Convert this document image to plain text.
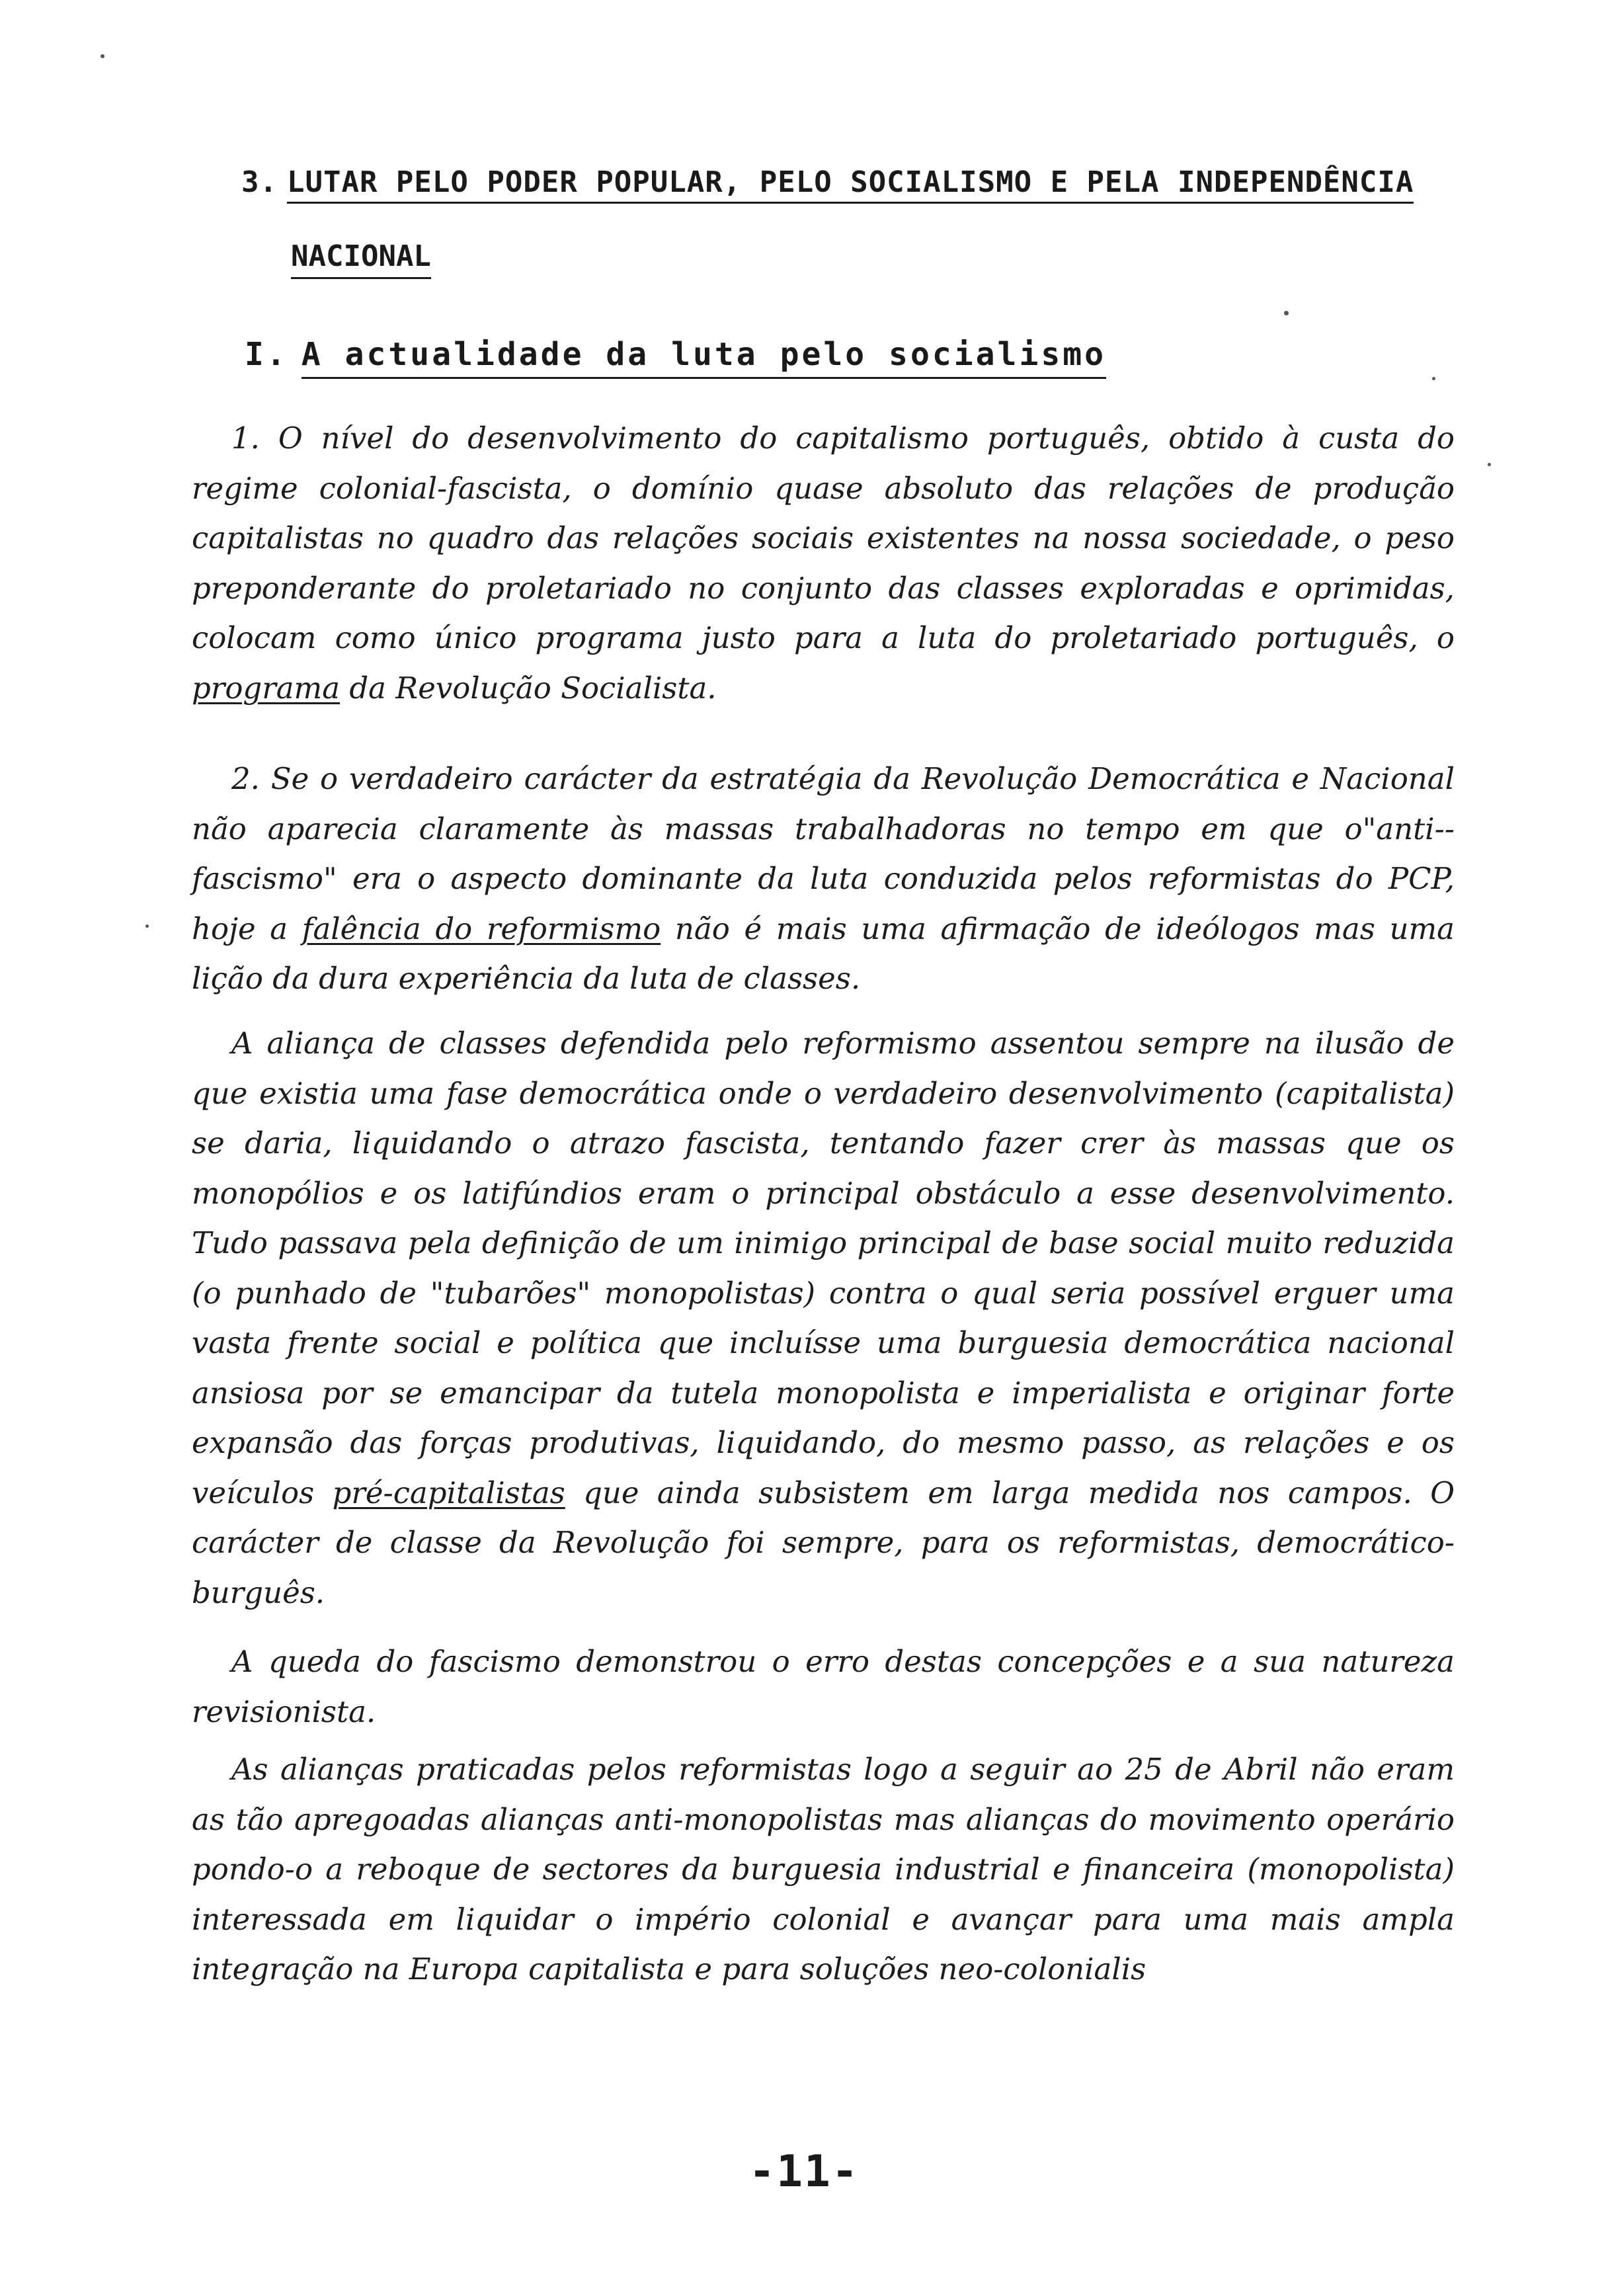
3. LUTAR PELO PODER POPULAR, PELO SOCIALISMO E PELA INDEPENDÊNCIA
NACIONAL
I. A actualidade da luta pelo socialismo

1. O nível do desenvolvimento do capitalismo português, obtido à custa do regime colonial-fascista, o domínio quase absoluto das relações de produção capitalistas no quadro das relações sociais existentes na nossa sociedade, o peso preponderante do proletariado no conjunto das classes exploradas e oprimidas, colocam como único programa justo para a luta do proletariado português, o programa da Revolução Socialista.

2. Se o verdadeiro carácter da estratégia da Revolução Democrática e Nacional não aparecia claramente às massas trabalhadoras no tempo em que o"anti--fascismo" era o aspecto dominante da luta conduzida pelos reformistas do PCP, hoje a falência do reformismo não é mais uma afirmação de ideólogos mas uma lição da dura experiência da luta de classes.

A aliança de classes defendida pelo reformismo assentou sempre na ilusão de que existia uma fase democrática onde o verdadeiro desenvolvimento (capitalista) se daria, liquidando o atrazo fascista, tentando fazer crer às massas que os monopólios e os latifúndios eram o principal obstáculo a esse desenvolvimento. Tudo passava pela definição de um inimigo principal de base social muito reduzida (o punhado de "tubarões" monopolistas) contra o qual seria possível erguer uma vasta frente social e política que incluísse uma burguesia democrática nacional ansiosa por se emancipar da tutela monopolista e imperialista e originar forte expansão das forças produtivas, liquidando, do mesmo passo, as relações e os veículos pré-capitalistas que ainda subsistem em larga medida nos campos. O carácter de classe da Revolução foi sempre, para os reformistas, democrático-burguês.

A queda do fascismo demonstrou o erro destas concepções e a sua natureza revisionista.

As alianças praticadas pelos reformistas logo a seguir ao 25 de Abril não eram as tão apregoadas alianças anti-monopolistas mas alianças do movimento operário pondo-o a reboque de sectores da burguesia industrial e financeira (monopolista) interessada em liquidar o império colonial e avançar para uma mais ampla integração na Europa capitalista e para soluções neo-colonialis

-11-
